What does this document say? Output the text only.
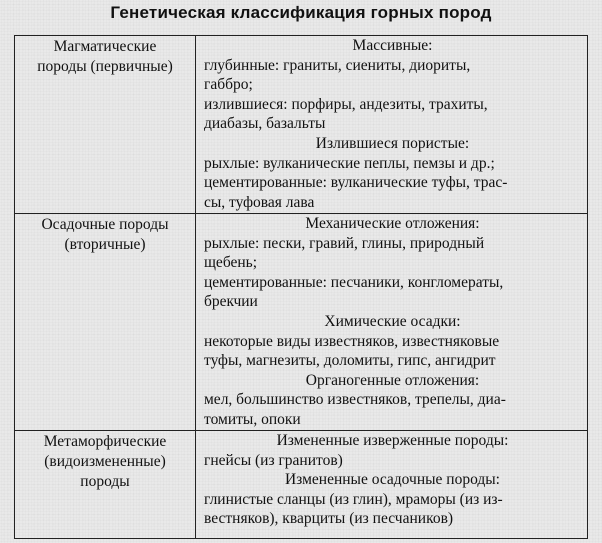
Генетическая классификация горных пород
Магматические
породы (первичные)
Массивные:
глубинные: граниты, сиениты, диориты,
габбро;
излившиеся: порфиры, андезиты, трахиты,
диабазы, базальты
Излившиеся пористые:
рыхлые: вулканические пеплы, пемзы и др.;
цементированные: вулканические туфы, трас-
сы, туфовая лава
Осадочные породы
(вторичные)
Механические отложения:
рыхлые: пески, гравий, глины, природный
щебень;
цементированные: песчаники, конгломераты,
брекчии
Химические осадки:
некоторые виды известняков, известняковые
туфы, магнезиты, доломиты, гипс, ангидрит
Органогенные отложения:
мел, большинство известняков, трепелы, диа-
томиты, опоки
Метаморфические
(видоизмененные)
породы
Измененные изверженные породы:
гнейсы (из гранитов)
Измененные осадочные породы:
глинистые сланцы (из глин), мраморы (из из-
вестняков), кварциты (из песчаников)
